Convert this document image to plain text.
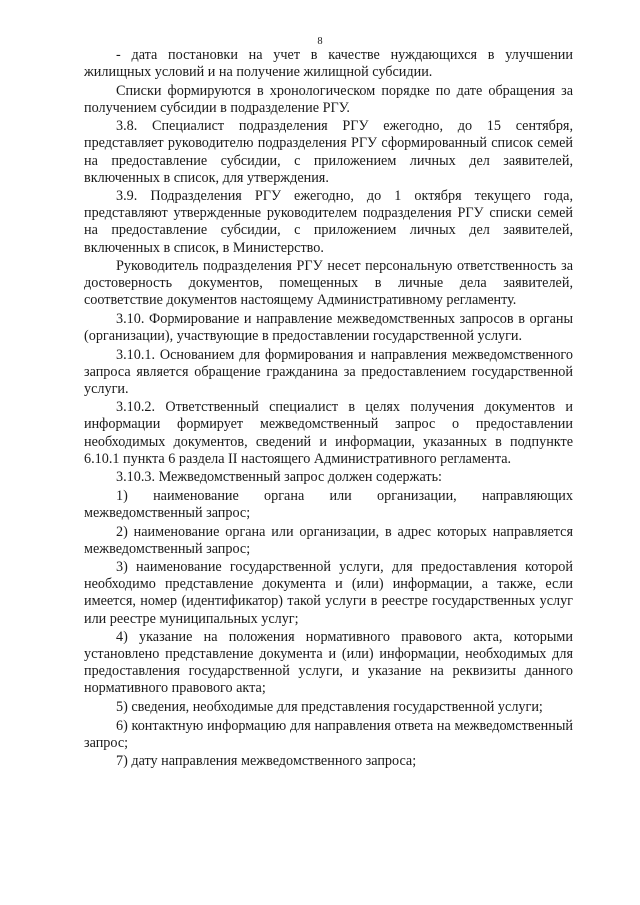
8

- дата постановки на учет в качестве нуждающихся в улучшении жилищных условий и на получение жилищной субсидии.

Списки формируются в хронологическом порядке по дате обращения за получением субсидии в подразделение РГУ.

3.8. Специалист подразделения РГУ ежегодно, до 15 сентября, представляет руководителю подразделения РГУ сформированный список семей на предоставление субсидии, с приложением личных дел заявителей, включенных в список, для утверждения.

3.9. Подразделения РГУ ежегодно, до 1 октября текущего года, представляют утвержденные руководителем подразделения РГУ списки семей на предоставление субсидии, с приложением личных дел заявителей, включенных в список, в Министерство.

Руководитель подразделения РГУ несет персональную ответственность за достоверность документов, помещенных в личные дела заявителей, соответствие документов настоящему Административному регламенту.

3.10. Формирование и направление межведомственных запросов в органы (организации), участвующие в предоставлении государственной услуги.

3.10.1. Основанием для формирования и направления межведомственного запроса является обращение гражданина за предоставлением государственной услуги.

3.10.2. Ответственный специалист в целях получения документов и информации формирует межведомственный запрос о предоставлении необходимых документов, сведений и информации, указанных в подпункте 6.10.1 пункта 6 раздела II настоящего Административного регламента.

3.10.3. Межведомственный запрос должен содержать:

1) наименование органа или организации, направляющих межведомственный запрос;

2) наименование органа или организации, в адрес которых направляется межведомственный запрос;

3) наименование государственной услуги, для предоставления которой необходимо представление документа и (или) информации, а также, если имеется, номер (идентификатор) такой услуги в реестре государственных услуг или реестре муниципальных услуг;

4) указание на положения нормативного правового акта, которыми установлено представление документа и (или) информации, необходимых для предоставления государственной услуги, и указание на реквизиты данного нормативного правового акта;

5) сведения, необходимые для представления государственной услуги;

6) контактную информацию для направления ответа на межведомственный запрос;

7) дату направления межведомственного запроса;
